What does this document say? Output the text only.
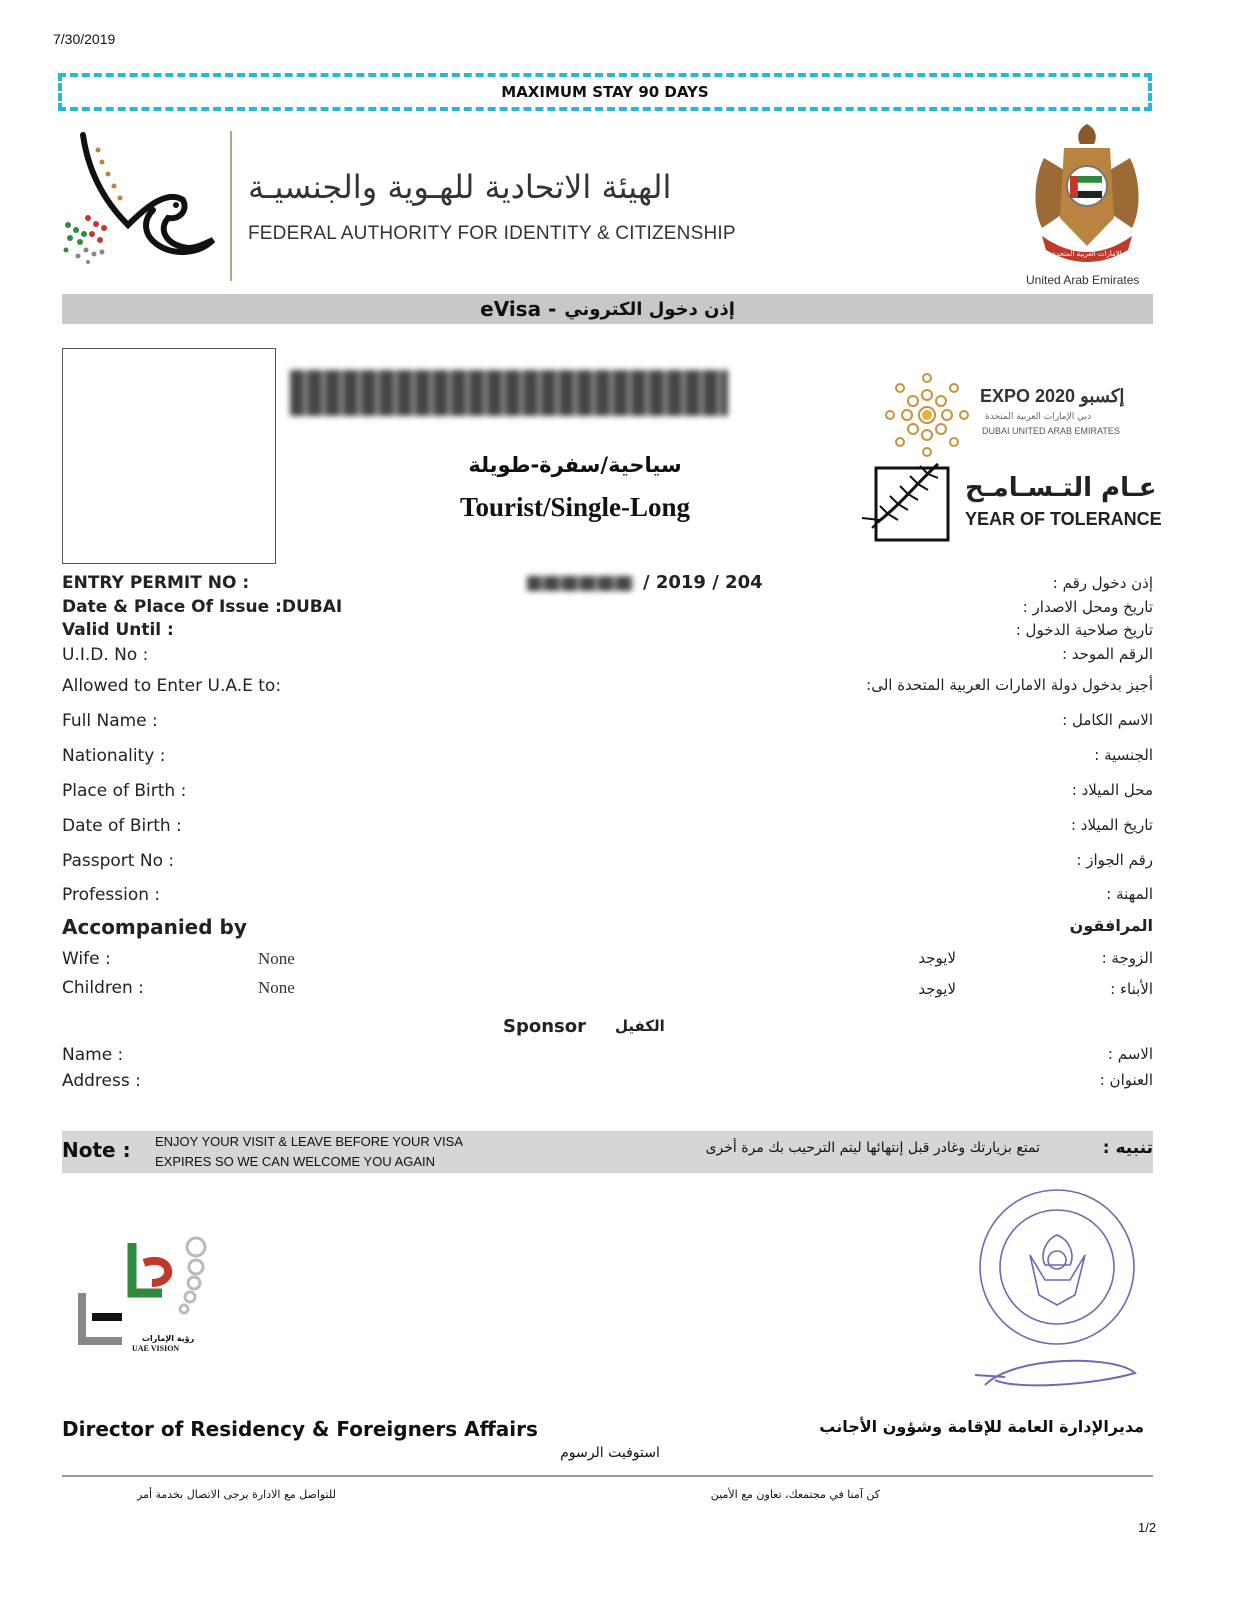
7/30/2019
MAXIMUM STAY 90 DAYS
الهيئة الاتحادية للهـوية والجنسيـة
FEDERAL AUTHORITY FOR IDENTITY & CITIZENSHIP
الإمارات العربية المتحدة
United Arab Emirates
eVisa - إذن دخول الكتروني
سياحية/سفرة-طويلة
Tourist/Single-Long
EXPO 2020 إكسبو
دبي الإمارات العربية المتحدة
DUBAI UNITED ARAB EMIRATES
عـام التـسـامـح
YEAR OF TOLERANCE
ENTRY PERMIT NO :	/ 2019 / 204	إذن دخول رقم :
Date & Place Of Issue :DUBAI	تاريخ ومحل الاصدار :
Valid Until :	تاريخ صلاحية الدخول :
U.I.D. No :	الرقم الموحد :
Allowed to Enter U.A.E to:	أجيز بدخول دولة الامارات العربية المتحدة الى:
Full Name :	الاسم الكامل :
Nationality :	الجنسية :
Place of Birth :	محل الميلاد :
Date of Birth :	تاريخ الميلاد :
Passport No :	رقم الجواز :
Profession :	المهنة :
Accompanied by	المرافقون
Wife :	None	لايوجد	الزوجة :
Children :	None	لايوجد	الأبناء :
Sponsor الكفيل
Name :	الاسم :
Address :	العنوان :
Note : ENJOY YOUR VISIT & LEAVE BEFORE YOUR VISA
EXPIRES SO WE CAN WELCOME YOU AGAIN
تمتع بزيارتك وغادر قبل إنتهائها ليتم الترحيب بك مرة أخرى	تنبيه :
رؤية الإمارات
UAE VISION
Director of Residency & Foreigners Affairs	مديرالإدارة العامة للإقامة وشؤون الأجانب
استوفيت الرسوم
للتواصل مع الادارة يرجى الاتصال بخدمة أمر	كن آمنا في مجتمعك، تعاون مع الأمين
1/2
